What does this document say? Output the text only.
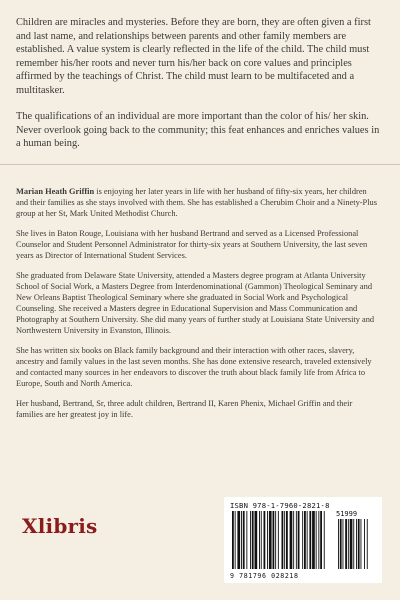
Children are miracles and mysteries. Before they are born, they are often given a first and last name, and relationships between parents and other family members are established. A value system is clearly reflected in the life of the child. The child must remember his/her roots and never turn his/her back on core values and principles affirmed by the teachings of Christ. The child must learn to be multifaceted and a multitasker.

The qualifications of an individual are more important than the color of his/ her skin. Never overlook going back to the community; this feat enhances and enriches values in a human being.

Marian Heath Griffin is enjoying her later years in life with her husband of fifty-six years, her children and their families as she stays involved with them. She has established a Cherubim Choir and a Ninety-Plus group at her St, Mark United Methodist Church.

She lives in Baton Rouge, Louisiana with her husband Bertrand and served as a Licensed Professional Counselor and Student Personnel Administrator for thirty-six years at Southern University, the last seven years as Director of International Student Services.

She graduated from Delaware State University, attended a Masters degree program at Atlanta University School of Social Work, a Masters Degree from Interdenominational (Gammon) Theological Seminary and New Orleans Baptist Theological Seminary where she graduated in Social Work and Psychological Counseling. She received a Masters degree in Educational Supervision and Mass Communication and Photography at Southern University. She did many years of further study at Louisiana State University and Northwestern University in Evanston, Illinois.

She has written six books on Black family background and their interaction with other races, slavery, ancestry and family values in the last seven months. She has done extensive research, traveled extensively and contacted many sources in her endeavors to discover the truth about black family life from Africa to Europe, South and North America.

Her husband, Bertrand, Sr, three adult children, Bertrand II, Karen Phenix, Michael Griffin and their families are her greatest joy in life.

Xlibris
ISBN 978-1-7960-2821-8
51999
9 781796 028218
